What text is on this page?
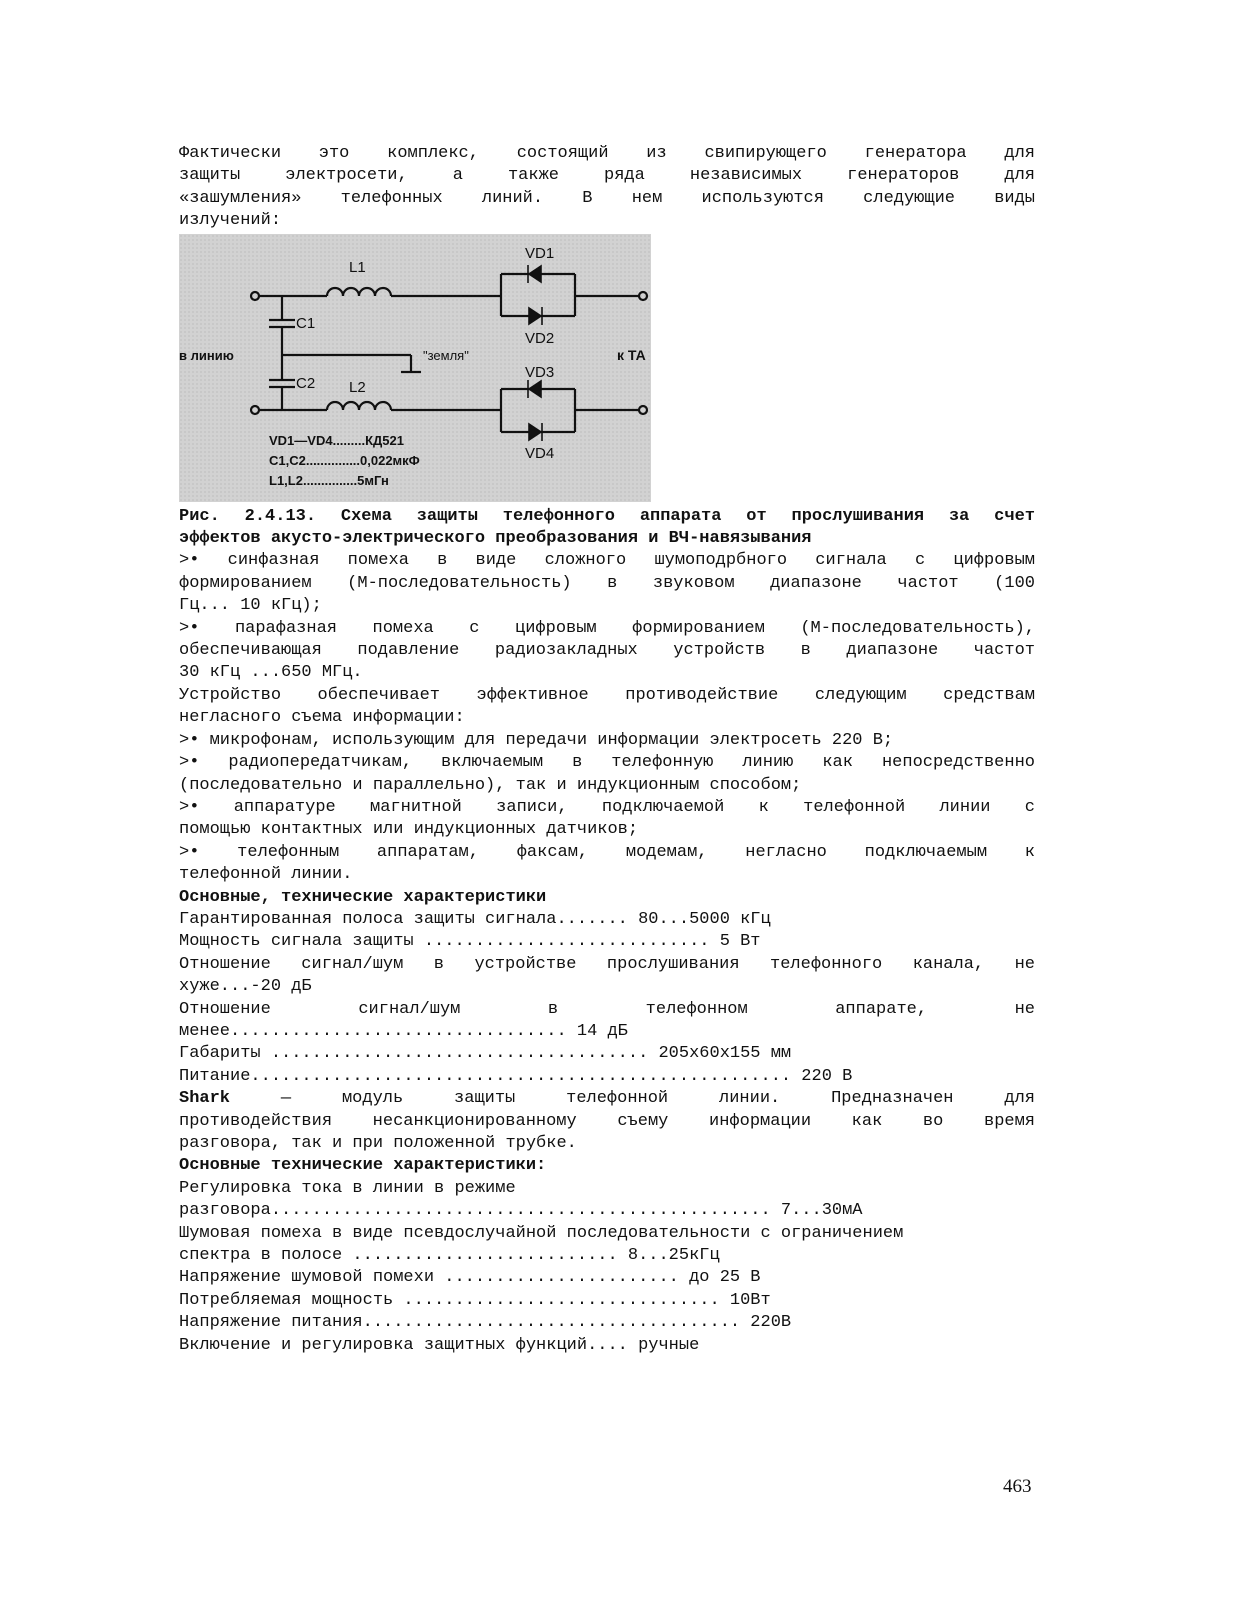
Фактически это комплекс, состоящий из свипирующего генератора для

защиты электросети, а также ряда независимых генераторов для

«зашумления» телефонных линий. В нем используются следующие виды

излучений:

L1
L2
C1
C2
VD1
VD2
VD3
VD4
в линию	"земля"	к ТА
VD1—VD4.........КД521
C1,C2...............0,022мкФ
L1,L2...............5мГн

Рис. 2.4.13. Схема защиты телефонного аппарата от прослушивания за счет

эффектов акусто-электрического преобразования и ВЧ-навязывания

>• синфазная помеха в виде сложного шумоподрбного сигнала с цифровым

формированием (М-последовательность) в звуковом диапазоне частот (100

Гц... 10 кГц);

>• парафазная помеха с цифровым формированием (М-последовательность),

обеспечивающая подавление радиозакладных устройств в диапазоне частот

30 кГц ...650 МГц.

Устройство обеспечивает эффективное противодействие следующим средствам

негласного съема информации:

>• микрофонам, использующим для передачи информации электросеть 220 В;

>• радиопередатчикам, включаемым в телефонную линию как непосредственно

(последовательно и параллельно), так и индукционным способом;

>• аппаратуре магнитной записи, подключаемой к телефонной линии с

помощью контактных или индукционных датчиков;

>• телефонным аппаратам, факсам, модемам, негласно подключаемым к

телефонной линии.

Основные, технические характеристики

Гарантированная полоса защиты сигнала....... 80...5000 кГц

Мощность сигнала защиты ............................ 5 Вт

Отношение сигнал/шум в устройстве прослушивания телефонного канала, не

хуже...-20 дБ

Отношение сигнал/шум в телефонном аппарате, не

менее................................. 14 дБ

Габариты ..................................... 205x60x155 мм

Питание..................................................... 220 В

Shark — модуль защиты телефонной линии. Предназначен для

противодействия несанкционированному съему информации как во время

разговора, так и при положенной трубке.

Основные технические характеристики:

Регулировка тока в линии в режиме

разговора................................................. 7...30мА

Шумовая помеха в виде псевдослучайной последовательности с ограничением

спектра в полосе .......................... 8...25кГц

Напряжение шумовой помехи ....................... до 25 В

Потребляемая мощность ............................... 10Вт

Напряжение питания..................................... 220В

Включение и регулировка защитных функций.... ручные

463
